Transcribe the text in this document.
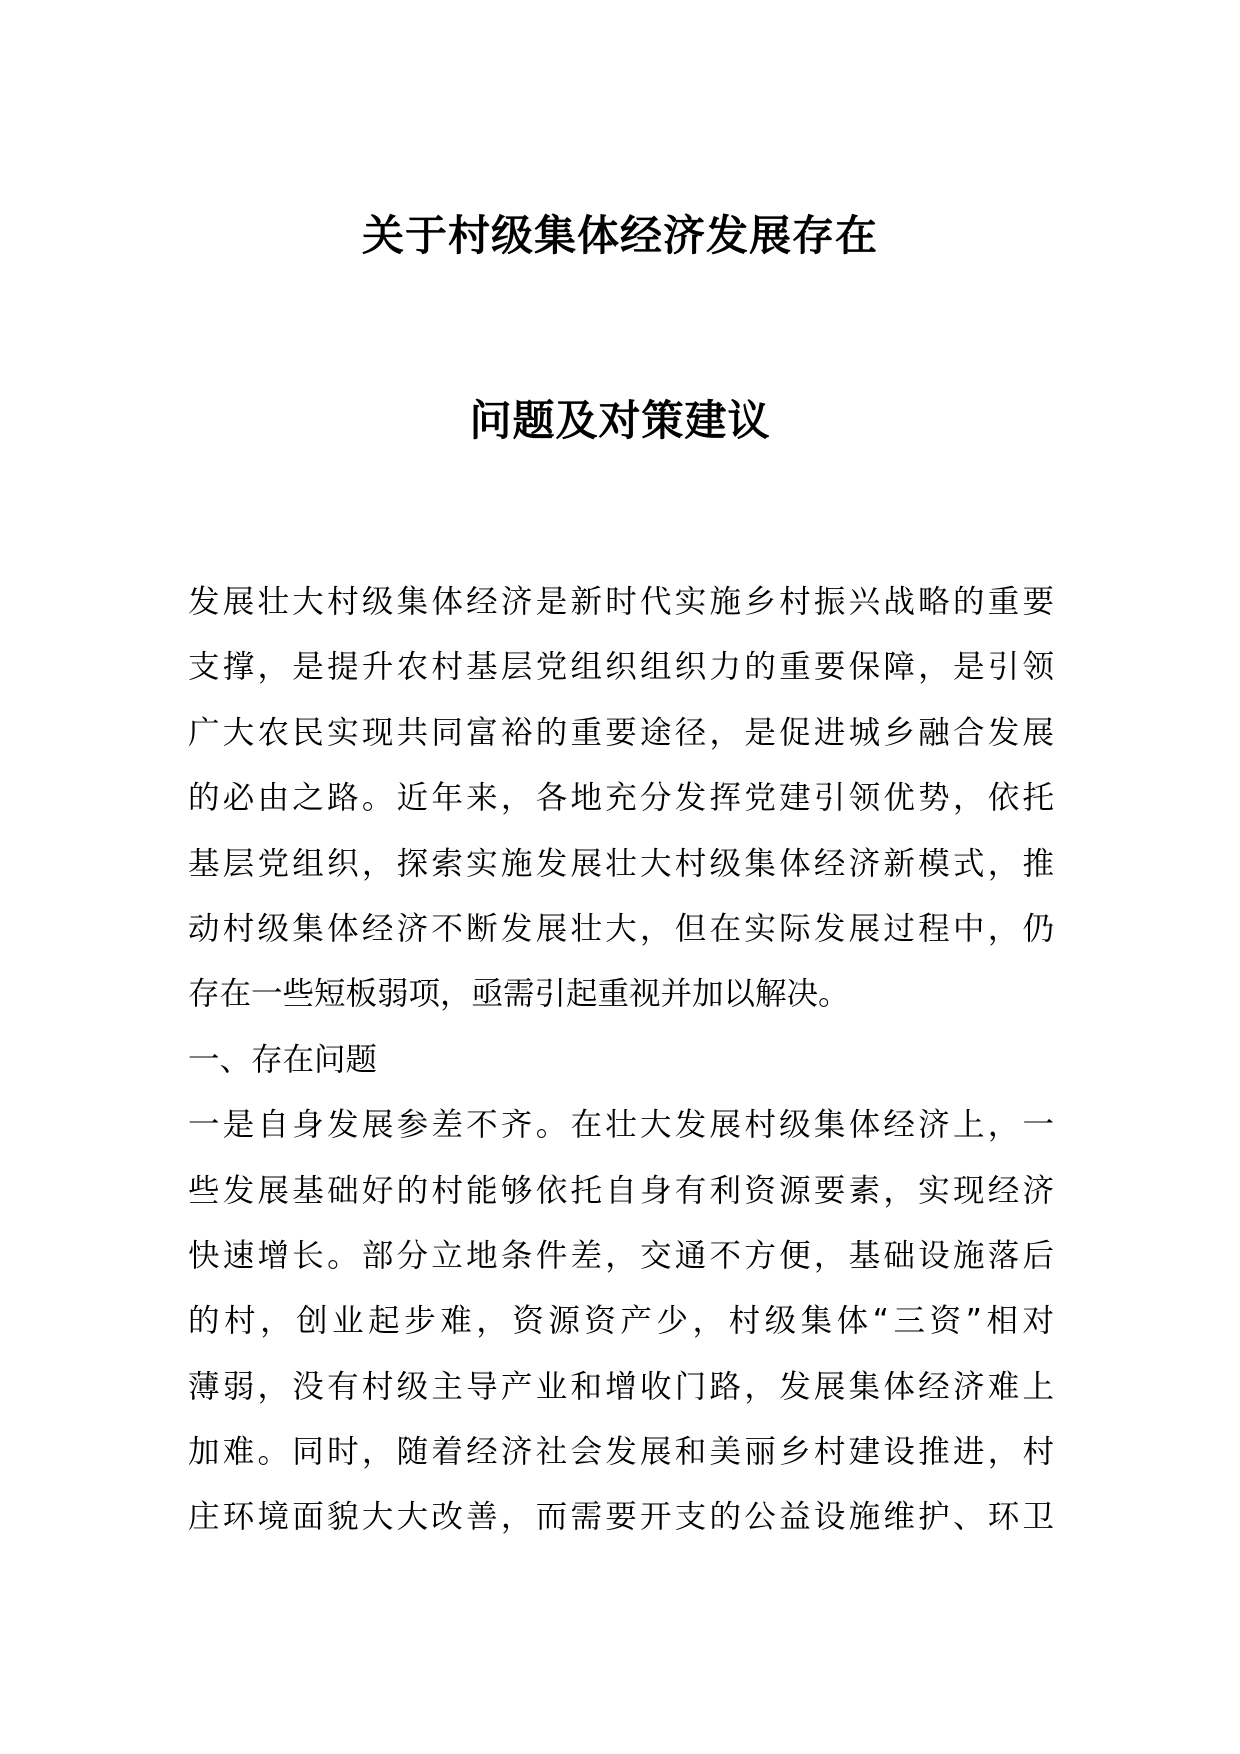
关于村级集体经济发展存在
问题及对策建议
发展壮大村级集体经济是新时代实施乡村振兴战略的重要
支撑，是提升农村基层党组织组织力的重要保障，是引领
广大农民实现共同富裕的重要途径，是促进城乡融合发展
的必由之路。近年来，各地充分发挥党建引领优势，依托
基层党组织，探索实施发展壮大村级集体经济新模式，推
动村级集体经济不断发展壮大，但在实际发展过程中，仍
存在一些短板弱项，亟需引起重视并加以解决。
一、存在问题
一是自身发展参差不齐。在壮大发展村级集体经济上，一
些发展基础好的村能够依托自身有利资源要素，实现经济
快速增长。部分立地条件差，交通不方便，基础设施落后
的村，创业起步难，资源资产少，村级集体“三资”相对
薄弱，没有村级主导产业和增收门路，发展集体经济难上
加难。同时，随着经济社会发展和美丽乡村建设推进，村
庄环境面貌大大改善，而需要开支的公益设施维护、环卫
